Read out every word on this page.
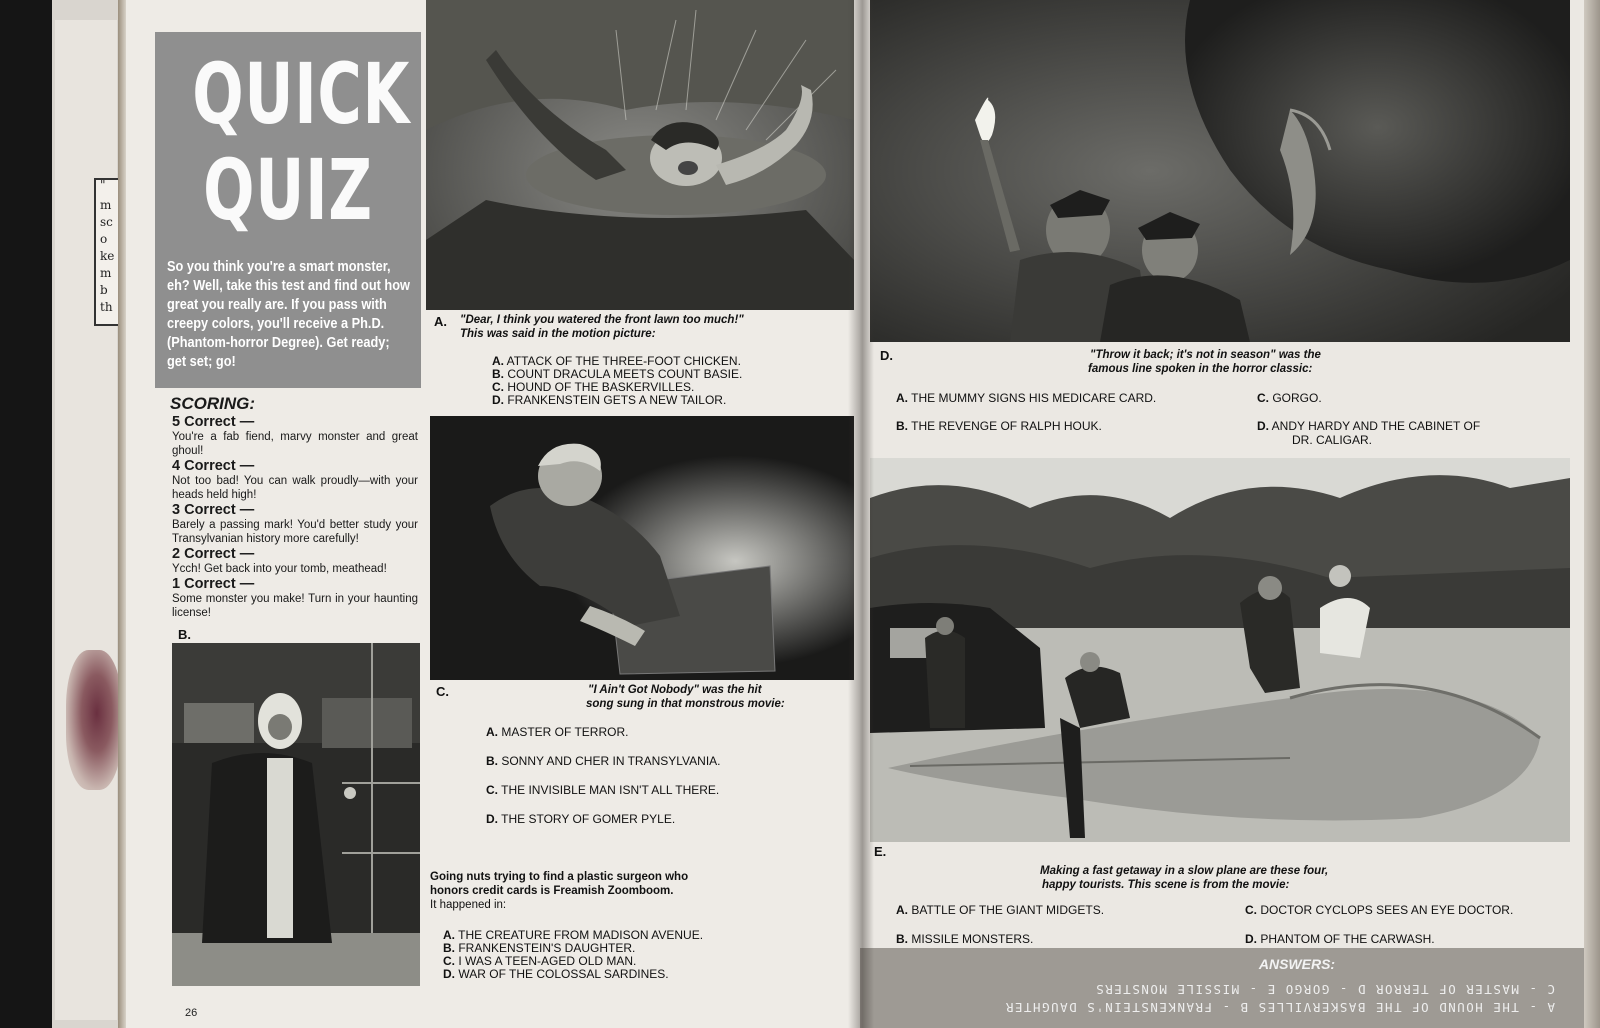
"
m
sc
o
ke
m
b
th
QUICK
QUIZ
So you think you're a smart monster, eh? Well, take this test and find out how great you really are. If you pass with creepy colors, you'll receive a Ph.D. (Phantom-horror Degree). Get ready; get set; go!
SCORING:
5 Correct —
You're a fab fiend, marvy monster and great ghoul!
4 Correct —
Not too bad! You can walk proudly—with your heads held high!
3 Correct —
Barely a passing mark! You'd better study your Transylvanian history more carefully!
2 Correct —
Ycch! Get back into your tomb, meathead!
1 Correct —
Some monster you make! Turn in your haunting license!
A. "Dear, I think you watered the front lawn too much!"
This was said in the motion picture:
A. ATTACK OF THE THREE-FOOT CHICKEN.
B. COUNT DRACULA MEETS COUNT BASIE.
C. HOUND OF THE BASKERVILLES.
D. FRANKENSTEIN GETS A NEW TAILOR.
C.	"I Ain't Got Nobody" was the hit
song sung in that monstrous movie:
A. MASTER OF TERROR.
B. SONNY AND CHER IN TRANSYLVANIA.
C. THE INVISIBLE MAN ISN'T ALL THERE.
D. THE STORY OF GOMER PYLE.
B.
Going nuts trying to find a plastic surgeon who
honors credit cards is Freamish Zoomboom.
It happened in:
A. THE CREATURE FROM MADISON AVENUE.
B. FRANKENSTEIN'S DAUGHTER.
C. I WAS A TEEN-AGED OLD MAN.
D. WAR OF THE COLOSSAL SARDINES.
26
D.	"Throw it back; it's not in season" was the
famous line spoken in the horror classic:
A. THE MUMMY SIGNS HIS MEDICARE CARD.
B. THE REVENGE OF RALPH HOUK.
C. GORGO.
D. ANDY HARDY AND THE CABINET OF
DR. CALIGAR.
E.
Making a fast getaway in a slow plane are these four,
happy tourists. This scene is from the movie:
A. BATTLE OF THE GIANT MIDGETS.
B. MISSILE MONSTERS.
C. DOCTOR CYCLOPS SEES AN EYE DOCTOR.
D. PHANTOM OF THE CARWASH.
ANSWERS:
A - THE HOUND OF THE BASKERVILLES B - FRANKENSTEIN'S DAUGHTER
C - MASTER OF TERROR D - GORGO E - MISSILE MONSTERS
